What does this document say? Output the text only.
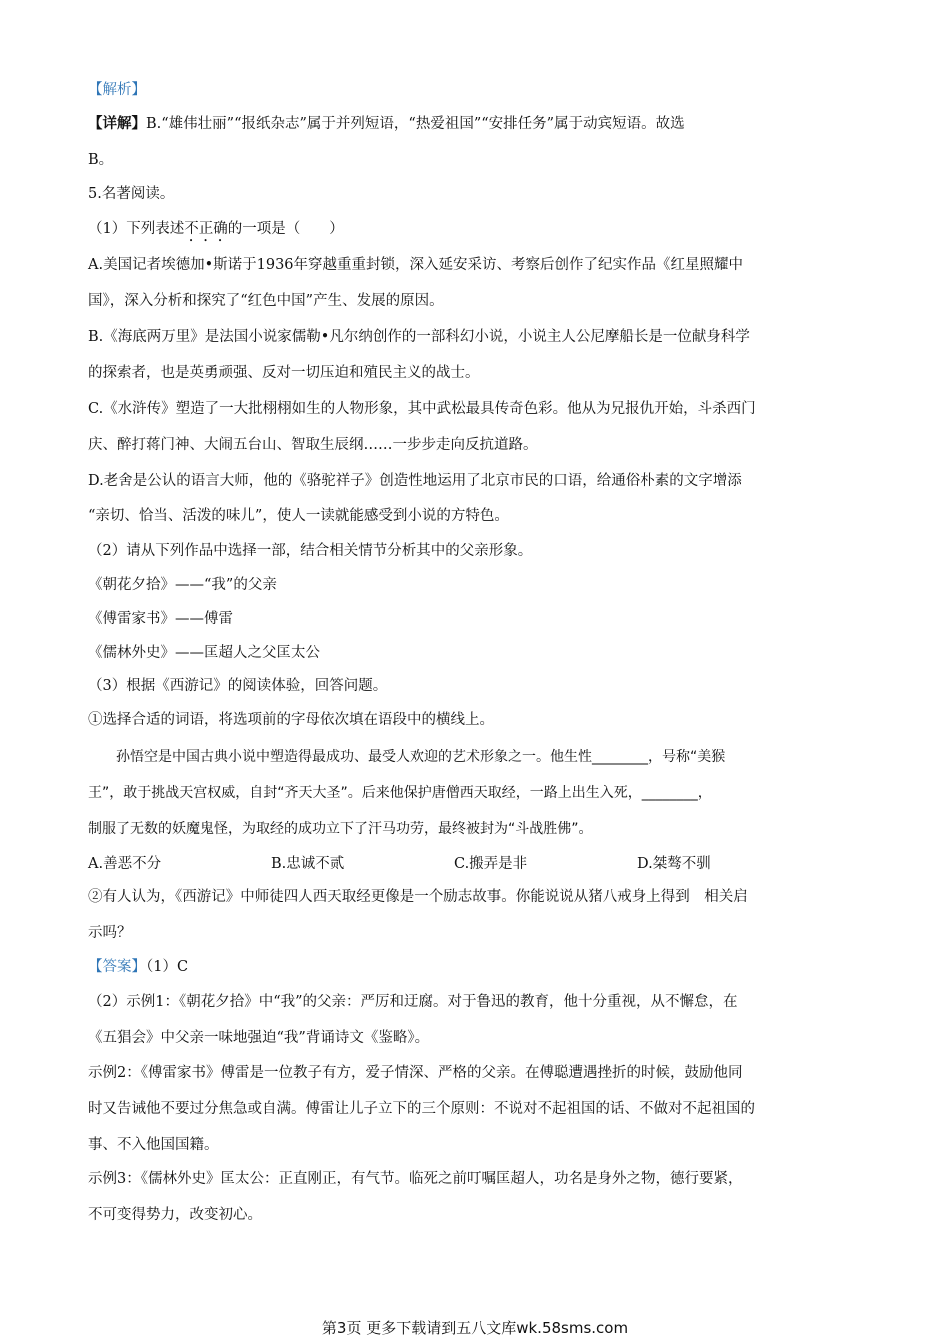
【解析】
【详解】B.“雄伟壮丽”“报纸杂志”属于并列短语，“热爱祖国”“安排任务”属于动宾短语。故选
B。
5.名著阅读。
（1）下列表述不正确的一项是（　　）
A.美国记者埃德加•斯诺于1936年穿越重重封锁，深入延安采访、考察后创作了纪实作品《红星照耀中
国》，深入分析和探究了“红色中国”产生、发展的原因。
B.《海底两万里》是法国小说家儒勒•凡尔纳创作的一部科幻小说，小说主人公尼摩船长是一位献身科学
的探索者，也是英勇顽强、反对一切压迫和殖民主义的战士。
C.《水浒传》塑造了一大批栩栩如生的人物形象，其中武松最具传奇色彩。他从为兄报仇开始，斗杀西门
庆、醉打蒋门神、大闹五台山、智取生辰纲……一步步走向反抗道路。
D.老舍是公认的语言大师，他的《骆驼祥子》创造性地运用了北京市民的口语，给通俗朴素的文字增添
“亲切、恰当、活泼的味儿”，使人一读就能感受到小说的方特色。
（2）请从下列作品中选择一部，结合相关情节分析其中的父亲形象。
《朝花夕拾》——“我”的父亲
《傅雷家书》——傅雷
《儒林外史》——匡超人之父匡太公
（3）根据《西游记》的阅读体验，回答问题。
①选择合适的词语，将选项前的字母依次填在语段中的横线上。
孙悟空是中国古典小说中塑造得最成功、最受人欢迎的艺术形象之一。他生性________，号称“美猴
王”，敢于挑战天宫权威，自封“齐天大圣”。后来他保护唐僧西天取经，一路上出生入死，________，
制服了无数的妖魔鬼怪，为取经的成功立下了汗马功劳，最终被封为“斗战胜佛”。
A.善恶不分	B.忠诚不贰	C.搬弄是非	D.桀骜不驯
②有人认为，《西游记》中师徒四人西天取经更像是一个励志故事。你能说说从猪八戒身上得到　相关启
示吗？
【答案】（1）C
（2）示例1：《朝花夕拾》中“我”的父亲：严厉和迂腐。对于鲁迅的教育，他十分重视，从不懈怠，在
《五猖会》中父亲一味地强迫“我”背诵诗文《鉴略》。
示例2：《傅雷家书》傅雷是一位教子有方，爱子情深、严格的父亲。在傅聪遭遇挫折的时候，鼓励他同
时又告诫他不要过分焦急或自满。傅雷让儿子立下的三个原则：不说对不起祖国的话、不做对不起祖国的
事、不入他国国籍。
示例3：《儒林外史》匡太公：正直刚正，有气节。临死之前叮嘱匡超人，功名是身外之物，德行要紧，
不可变得势力，改变初心。
第3页 更多下载请到五八文库wk.58sms.com
